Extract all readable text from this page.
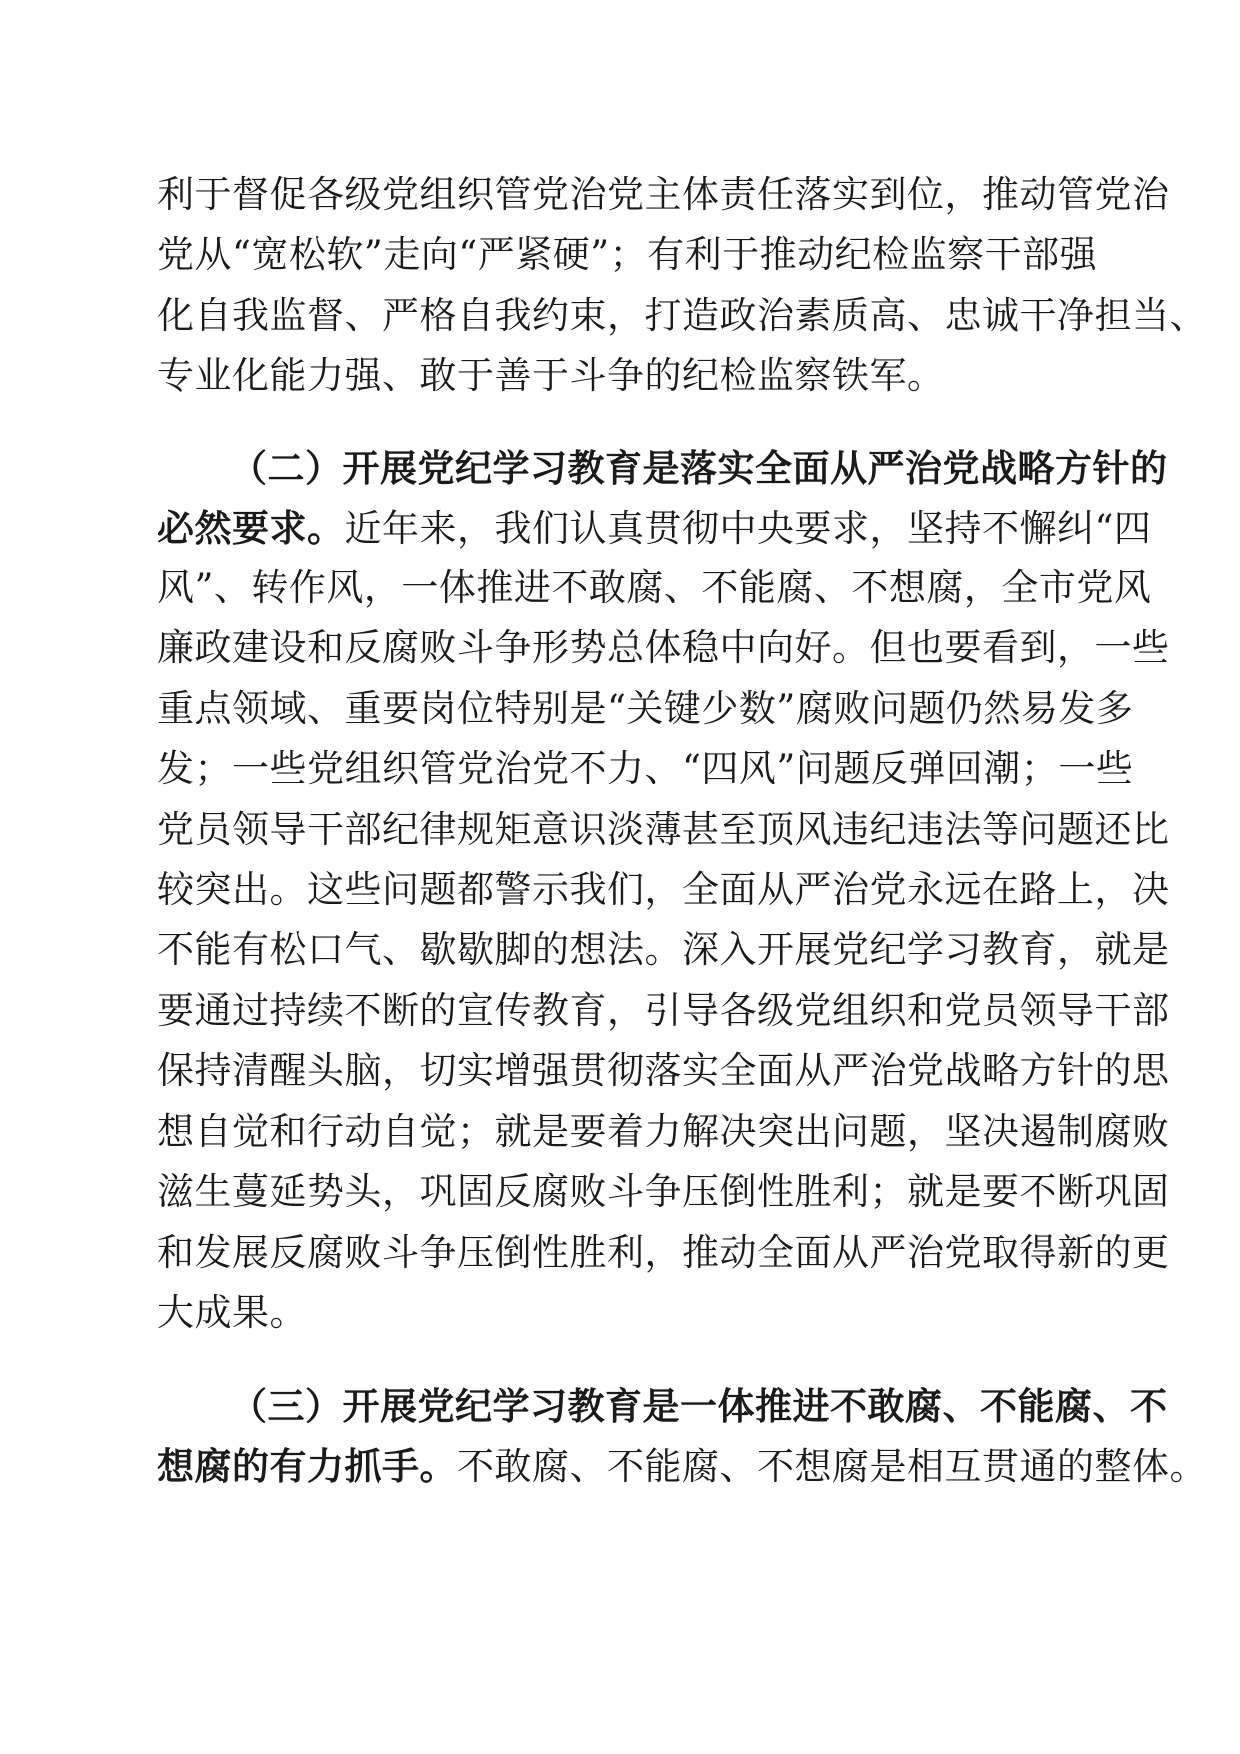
利于督促各级党组织管党治党主体责任落实到位，推动管党治
党从“宽松软”走向“严紧硬”；有利于推动纪检监察干部强
化自我监督、严格自我约束，打造政治素质高、忠诚干净担当、
专业化能力强、敢于善于斗争的纪检监察铁军。
（二）开展党纪学习教育是落实全面从严治党战略方针的
必然要求。近年来，我们认真贯彻中央要求，坚持不懈纠“四
风”、转作风，一体推进不敢腐、不能腐、不想腐，全市党风
廉政建设和反腐败斗争形势总体稳中向好。但也要看到，一些
重点领域、重要岗位特别是“关键少数”腐败问题仍然易发多
发；一些党组织管党治党不力、“四风”问题反弹回潮；一些
党员领导干部纪律规矩意识淡薄甚至顶风违纪违法等问题还比
较突出。这些问题都警示我们，全面从严治党永远在路上，决
不能有松口气、歇歇脚的想法。深入开展党纪学习教育，就是
要通过持续不断的宣传教育，引导各级党组织和党员领导干部
保持清醒头脑，切实增强贯彻落实全面从严治党战略方针的思
想自觉和行动自觉；就是要着力解决突出问题，坚决遏制腐败
滋生蔓延势头，巩固反腐败斗争压倒性胜利；就是要不断巩固
和发展反腐败斗争压倒性胜利，推动全面从严治党取得新的更
大成果。
（三）开展党纪学习教育是一体推进不敢腐、不能腐、不
想腐的有力抓手。不敢腐、不能腐、不想腐是相互贯通的整体。
